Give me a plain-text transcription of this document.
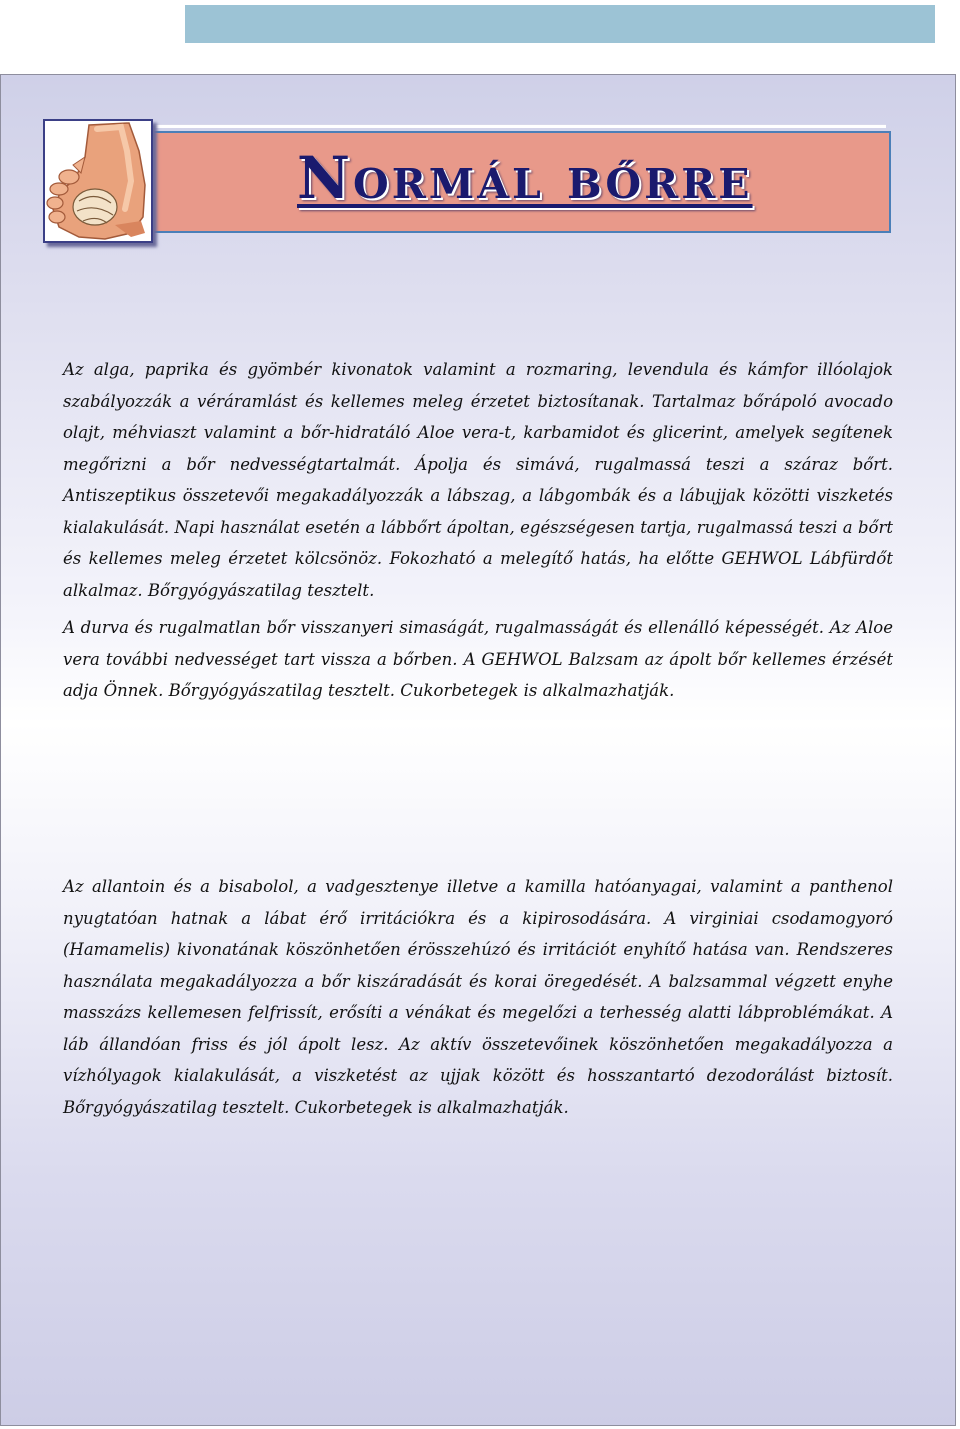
Normál bőrre

Az alga, paprika és gyömbér kivonatok valamint a rozmaring, levendula és kámfor illóolajok szabályozzák a véráramlást és kellemes meleg érzetet biztosítanak. Tartalmaz bőrápoló avocado olajt, méhviaszt valamint a bőr-hidratáló Aloe vera-t, karbamidot és glicerint, amelyek segítenek megőrizni a bőr nedvességtartalmát. Ápolja és simává, rugalmassá teszi a száraz bőrt. Antiszeptikus összetevői megakadályozzák a lábszag, a lábgombák és a lábujjak közötti viszketés kialakulását. Napi használat esetén a lábbőrt ápoltan, egészségesen tartja, rugalmassá teszi a bőrt és kellemes meleg érzetet kölcsönöz. Fokozható a melegítő hatás, ha előtte GEHWOL Lábfürdőt alkalmaz. Bőrgyógyászatilag tesztelt.

A durva és rugalmatlan bőr visszanyeri simaságát, rugalmasságát és ellenálló képességét. Az Aloe vera további nedvességet tart vissza a bőrben. A GEHWOL Balzsam az ápolt bőr kellemes érzését adja Önnek. Bőrgyógyászatilag tesztelt. Cukorbetegek is alkalmazhatják.

Az allantoin és a bisabolol, a vadgesztenye illetve a kamilla hatóanyagai, valamint a panthenol nyugtatóan hatnak a lábat érő irritációkra és a kipirosodására. A virginiai csodamogyoró (Hamamelis) kivonatának köszönhetően érösszehúzó és irritációt enyhítő hatása van. Rendszeres használata megakadályozza a bőr kiszáradását és korai öregedését. A balzsammal végzett enyhe masszázs kellemesen felfrissít, erősíti a vénákat és megelőzi a terhesség alatti lábproblémákat. A láb állandóan friss és jól ápolt lesz. Az aktív összetevőinek köszönhetően megakadályozza a vízhólyagok kialakulását, a viszketést az ujjak között és hosszantartó dezodorálást biztosít. Bőrgyógyászatilag tesztelt. Cukorbetegek is alkalmazhatják.
